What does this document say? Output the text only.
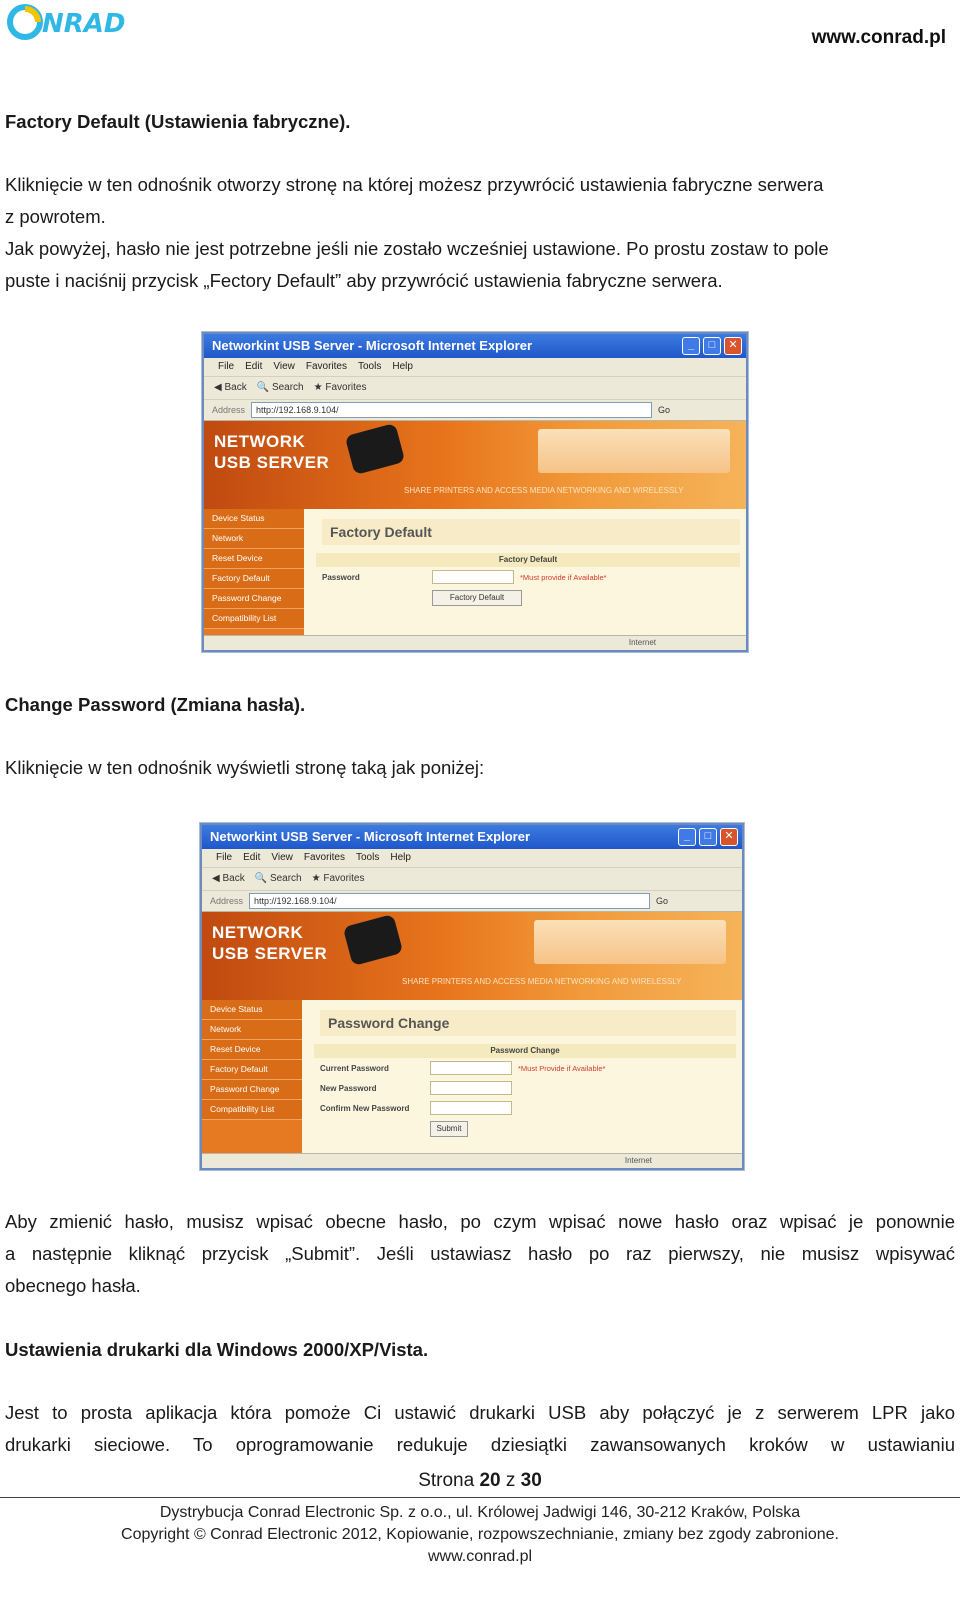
NRAD	www.conrad.pl

Factory Default (Ustawienia fabryczne).

Kliknięcie w ten odnośnik otworzy stronę na której możesz przywrócić ustawienia fabryczne serwera

z powrotem.

Jak powyżej, hasło nie jest potrzebne jeśli nie zostało wcześniej ustawione. Po prostu zostaw to pole

puste i naciśnij przycisk „Fectory Default” aby przywrócić ustawienia fabryczne serwera.

Networkint USB Server - Microsoft Internet Explorer	_	□	✕
File Edit View Favorites Tools Help
◀ Back 🔍 Search ★ Favorites
Address	http://192.168.9.104/	Go
NETWORK
USB SERVER
SHARE PRINTERS AND ACCESS MEDIA NETWORKING AND WIRELESSLY
Device Status
Network
Reset Device
Factory Default
Password Change
Compatibility List
Factory Default
Factory Default
Password	*Must provide if Available*
Factory Default
Internet

Change Password (Zmiana hasła).

Kliknięcie w ten odnośnik wyświetli stronę taką jak poniżej:

Networkint USB Server - Microsoft Internet Explorer	_	□	✕
File Edit View Favorites Tools Help
◀ Back 🔍 Search ★ Favorites
Address	http://192.168.9.104/	Go
NETWORK
USB SERVER
SHARE PRINTERS AND ACCESS MEDIA NETWORKING AND WIRELESSLY
Device Status
Network
Reset Device
Factory Default
Password Change
Compatibility List
Password Change
Password Change
Current Password	*Must Provide if Available*
New Password
Confirm New Password
Submit
Internet

Aby zmienić hasło, musisz wpisać obecne hasło, po czym wpisać nowe hasło oraz wpisać je ponownie

a następnie kliknąć przycisk „Submit”. Jeśli ustawiasz hasło po raz pierwszy, nie musisz wpisywać

obecnego hasła.

Ustawienia drukarki dla Windows 2000/XP/Vista.

Jest to prosta aplikacja która pomoże Ci ustawić drukarki USB aby połączyć je z serwerem LPR jako

drukarki sieciowe. To oprogramowanie redukuje dziesiątki zawansowanych kroków w ustawianiu

Strona 20 z 30
Dystrybucja Conrad Electronic Sp. z o.o., ul. Królowej Jadwigi 146, 30-212 Kraków, Polska
Copyright © Conrad Electronic 2012, Kopiowanie, rozpowszechnianie, zmiany bez zgody zabronione.
www.conrad.pl
